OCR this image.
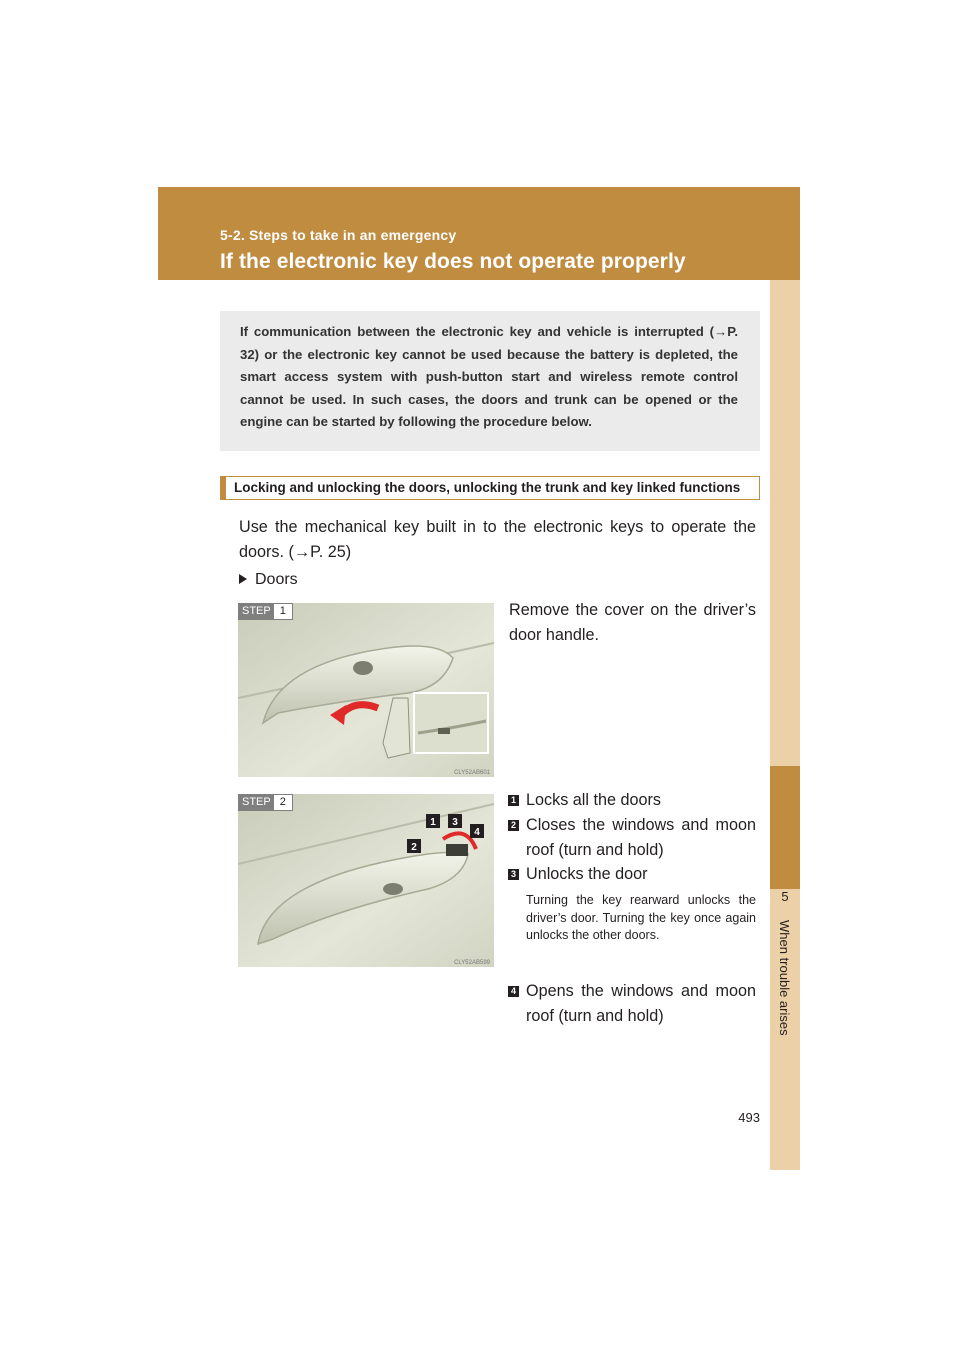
5-2. Steps to take in an emergency
If the electronic key does not operate properly
5
When trouble arises

If communication between the electronic key and vehicle is interrupted (→P. 32) or the electronic key cannot be used because the battery is depleted, the smart access system with push-button start and wireless remote control cannot be used. In such cases, the doors and trunk can be opened or the engine can be started by following the procedure below.

Locking and unlocking the doors, unlocking the trunk and key linked functions

Use the mechanical key built in to the electronic keys to operate the doors. (→P. 25)

Doors
CLY52AB601
STEP 1	Remove the cover on the driver’s door handle.

1
2
3
4
CLY52AB599
STEP 2	1 Locks all the doors

2 Closes the windows and moon roof (turn and hold)

3 Unlocks the door

Turning the key rearward unlocks the driver’s door. Turning the key once again unlocks the other doors.

4 Opens the windows and moon roof (turn and hold)

493
